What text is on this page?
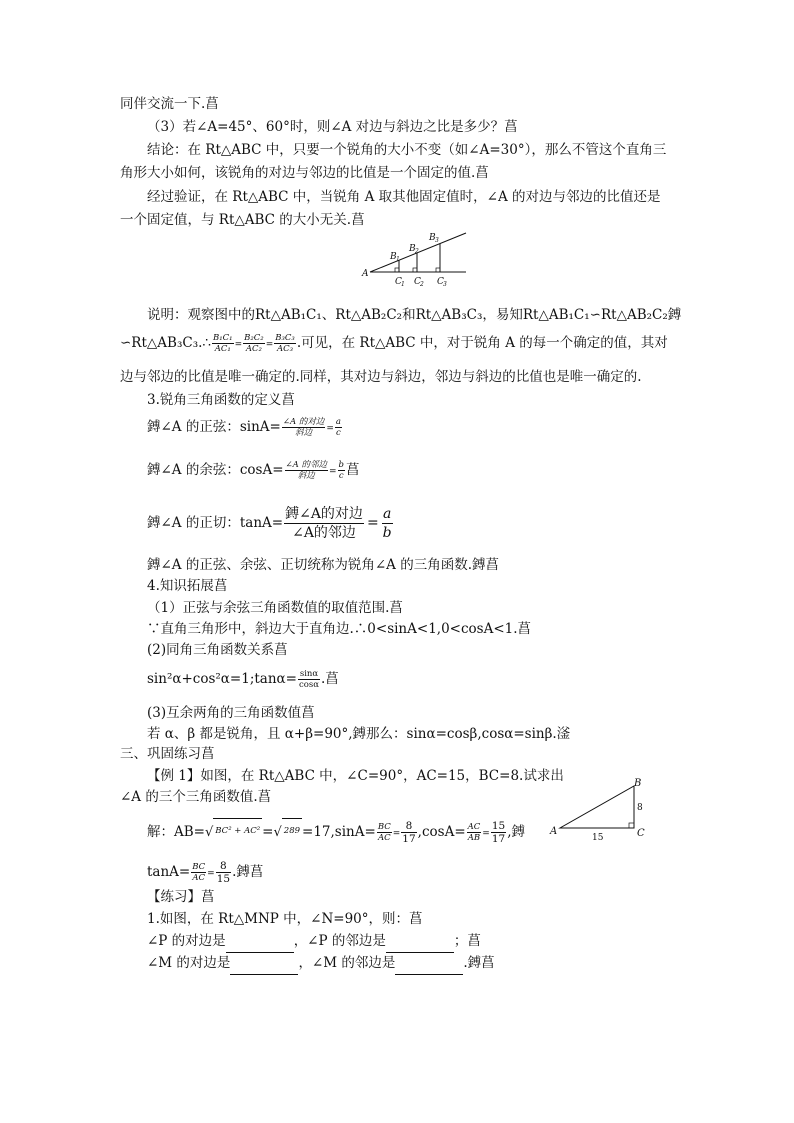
同伴交流一下.菖
（3）若∠A=45°、60°时，则∠A 对边与斜边之比是多少？菖
结论：在 Rt△ABC 中，只要一个锐角的大小不变（如∠A=30°），那么不管这个直角三
角形大小如何，该锐角的对边与邻边的比值是一个固定的值.菖
经过验证，在 Rt△ABC 中，当锐角 A 取其他固定值时，∠A 的对边与邻边的比值还是
一个固定值，与 Rt△ABC 的大小无关.菖
A
B 1
B 2
B 3
C 1 C 2 C 3
说明：观察图中的Rt△AB₁C₁、Rt△AB₂C₂和Rt△AB₃C₃，易知Rt△AB₁C₁∽Rt△AB₂C₂鎛
∽Rt△AB₃C₃.∴ $\frac{\text{B₁C₁}}{\text{AC₁}} = \frac{\text{B₂C₂}}{\text{AC₂}} = \frac{\text{B₃C₃}}{\text{AC₃}}$ .可见，在 Rt△ABC 中，对于锐角 A 的每一个确定的值，其对
边与邻边的比值是唯一确定的.同样，其对边与斜边，邻边与斜边的比值也是唯一确定的.
3.锐角三角函数的定义菖
鎛∠A 的正弦：$\sin A= \frac{\text{∠A 的对边}}{\text{斜边}} = \frac{a}{c}$
鎛∠A 的余弦：$\cos A= \frac{\text{∠A 的邻边}}{\text{斜边}} = \frac{b}{c}$ 菖
鎛∠A 的正切：$\tan A= \frac{\text{鎛∠A的对边}}{\text{∠A的邻边}} = \frac{a}{b}$
鎛∠A 的正弦、余弦、正切统称为锐角∠A 的三角函数.鎛菖
4.知识拓展菖
（1）正弦与余弦三角函数值的取值范围.菖
∵直角三角形中，斜边大于直角边.∴0<sinA<1,0<cosA<1.菖
(2)同角三角函数关系菖
sin²α+cos²α=1;tanα= $\frac{\sin\alpha}{\cos\alpha}$ .菖
(3)互余两角的三角函数值菖
若 α、β 都是锐角，且 α+β=90°,鎛那么：sinα=cosβ,cosα=sinβ.滏
三、巩固练习菖
【例 1】如图，在 Rt△ABC 中，∠C=90°，AC=15，BC=8.试求出
∠A 的三个三角函数值.菖
A
B
C
8
15
解：AB=√ BC² + AC² =√ $289 =17,\sin A= \frac{BC}{AC} = \frac{8}{17} ,\cos A= \frac{AC}{AB} = \frac{15}{17}$ ,鎛
$\tan A= \frac{BC}{AC} = \frac{8}{15}$ .鎛菖
【练习】菖
1.如图，在 Rt△MNP 中，∠N=90°，则：菖
∠P 的对边是	，∠P 的邻边是	；菖
∠M 的对边是	，∠M 的邻边是	.鎛菖
